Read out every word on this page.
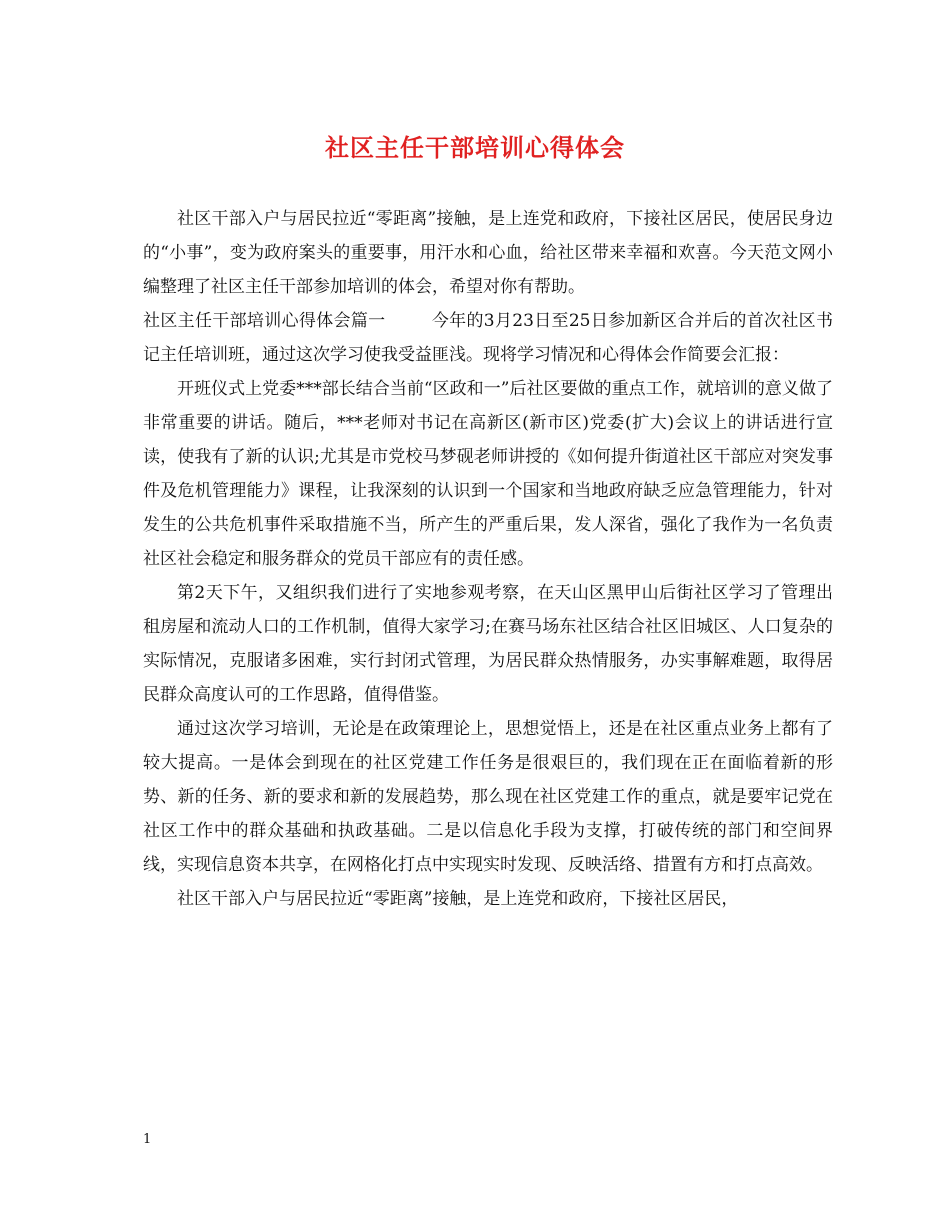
社区主任干部培训心得体会

社区干部入户与居民拉近“零距离”接触，是上连党和政府，下接社区居民，使居民身边的“小事”，变为政府案头的重要事，用汗水和心血，给社区带来幸福和欢喜。今天范文网小编整理了社区主任干部参加培训的体会，希望对你有帮助。

社区主任干部培训心得体会篇一	今年的3月23日至25日参加新区合并后的首次社区书记主任培训班，通过这次学习使我受益匪浅。现将学习情况和心得体会作简要会汇报：

开班仪式上党委***部长结合当前“区政和一”后社区要做的重点工作，就培训的意义做了非常重要的讲话。随后，***老师对书记在高新区(新市区)党委(扩大)会议上的讲话进行宣读，使我有了新的认识;尤其是市党校马梦砚老师讲授的《如何提升街道社区干部应对突发事件及危机管理能力》课程，让我深刻的认识到一个国家和当地政府缺乏应急管理能力，针对发生的公共危机事件采取措施不当，所产生的严重后果，发人深省，强化了我作为一名负责社区社会稳定和服务群众的党员干部应有的责任感。

第2天下午，又组织我们进行了实地参观考察，在天山区黑甲山后街社区学习了管理出租房屋和流动人口的工作机制，值得大家学习;在赛马场东社区结合社区旧城区、人口复杂的实际情况，克服诸多困难，实行封闭式管理，为居民群众热情服务，办实事解难题，取得居民群众高度认可的工作思路，值得借鉴。

通过这次学习培训，无论是在政策理论上，思想觉悟上，还是在社区重点业务上都有了较大提高。一是体会到现在的社区党建工作任务是很艰巨的，我们现在正在面临着新的形势、新的任务、新的要求和新的发展趋势，那么现在社区党建工作的重点，就是要牢记党在社区工作中的群众基础和执政基础。二是以信息化手段为支撑，打破传统的部门和空间界线，实现信息资本共享，在网格化打点中实现实时发现、反映活络、措置有方和打点高效。

社区干部入户与居民拉近“零距离”接触，是上连党和政府，下接社区居民，

1
